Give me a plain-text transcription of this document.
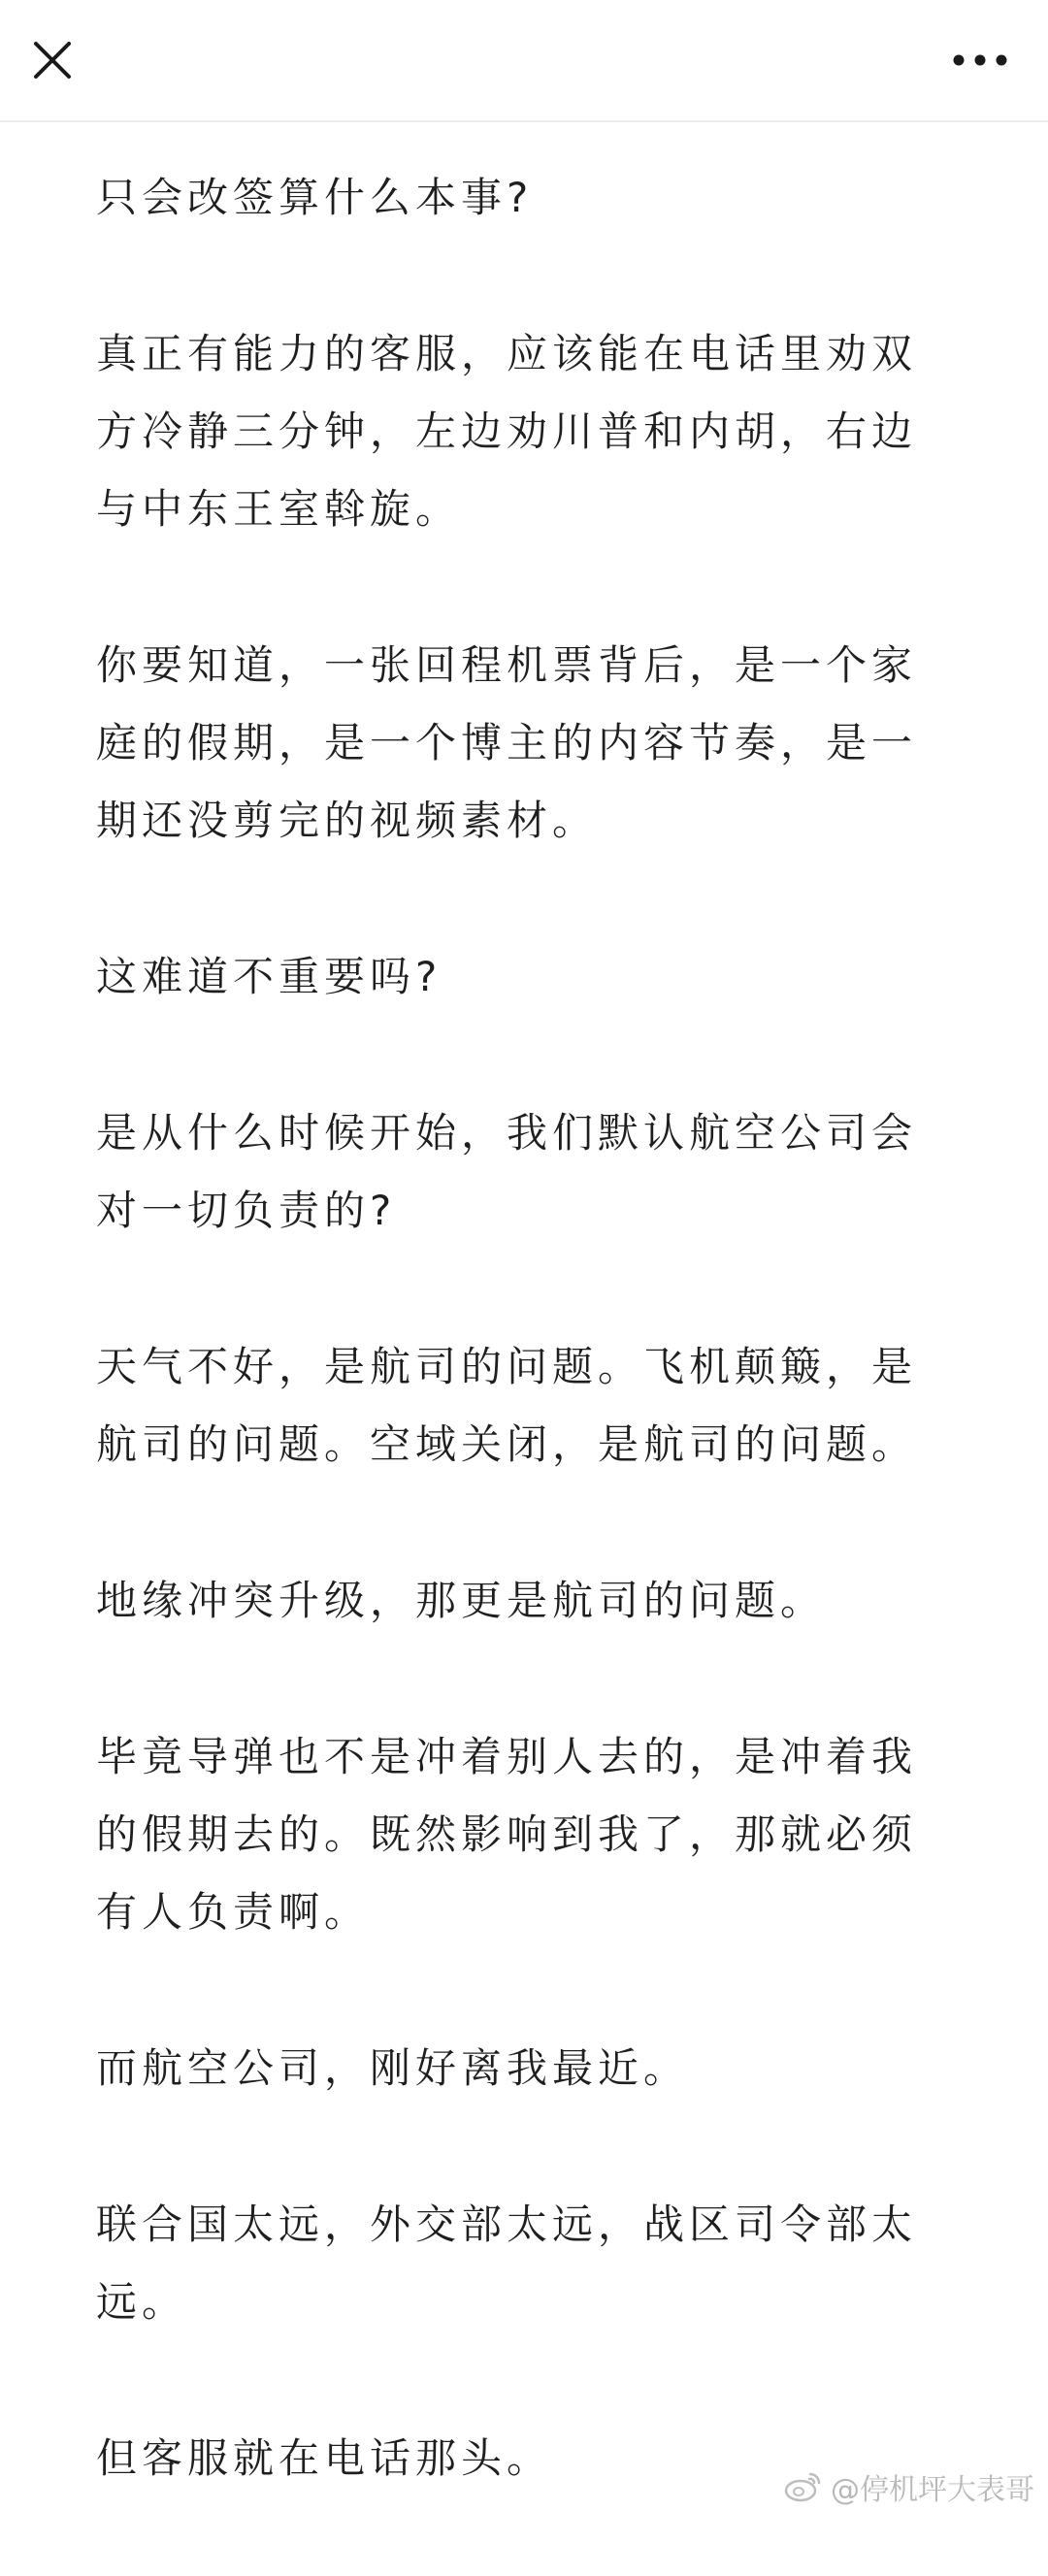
只会改签算什么本事?

真正有能力的客服，应该能在电话里劝双方冷静三分钟，左边劝川普和内胡，右边与中东王室斡旋。

你要知道，一张回程机票背后，是一个家庭的假期，是一个博主的内容节奏，是一期还没剪完的视频素材。

这难道不重要吗?

是从什么时候开始，我们默认航空公司会对一切负责的?

天气不好，是航司的问题。飞机颠簸，是航司的问题。空域关闭，是航司的问题。

地缘冲突升级，那更是航司的问题。

毕竟导弹也不是冲着别人去的，是冲着我的假期去的。既然影响到我了，那就必须有人负责啊。

而航空公司，刚好离我最近。

联合国太远，外交部太远，战区司令部太远。

但客服就在电话那头。

@停机坪大表哥
